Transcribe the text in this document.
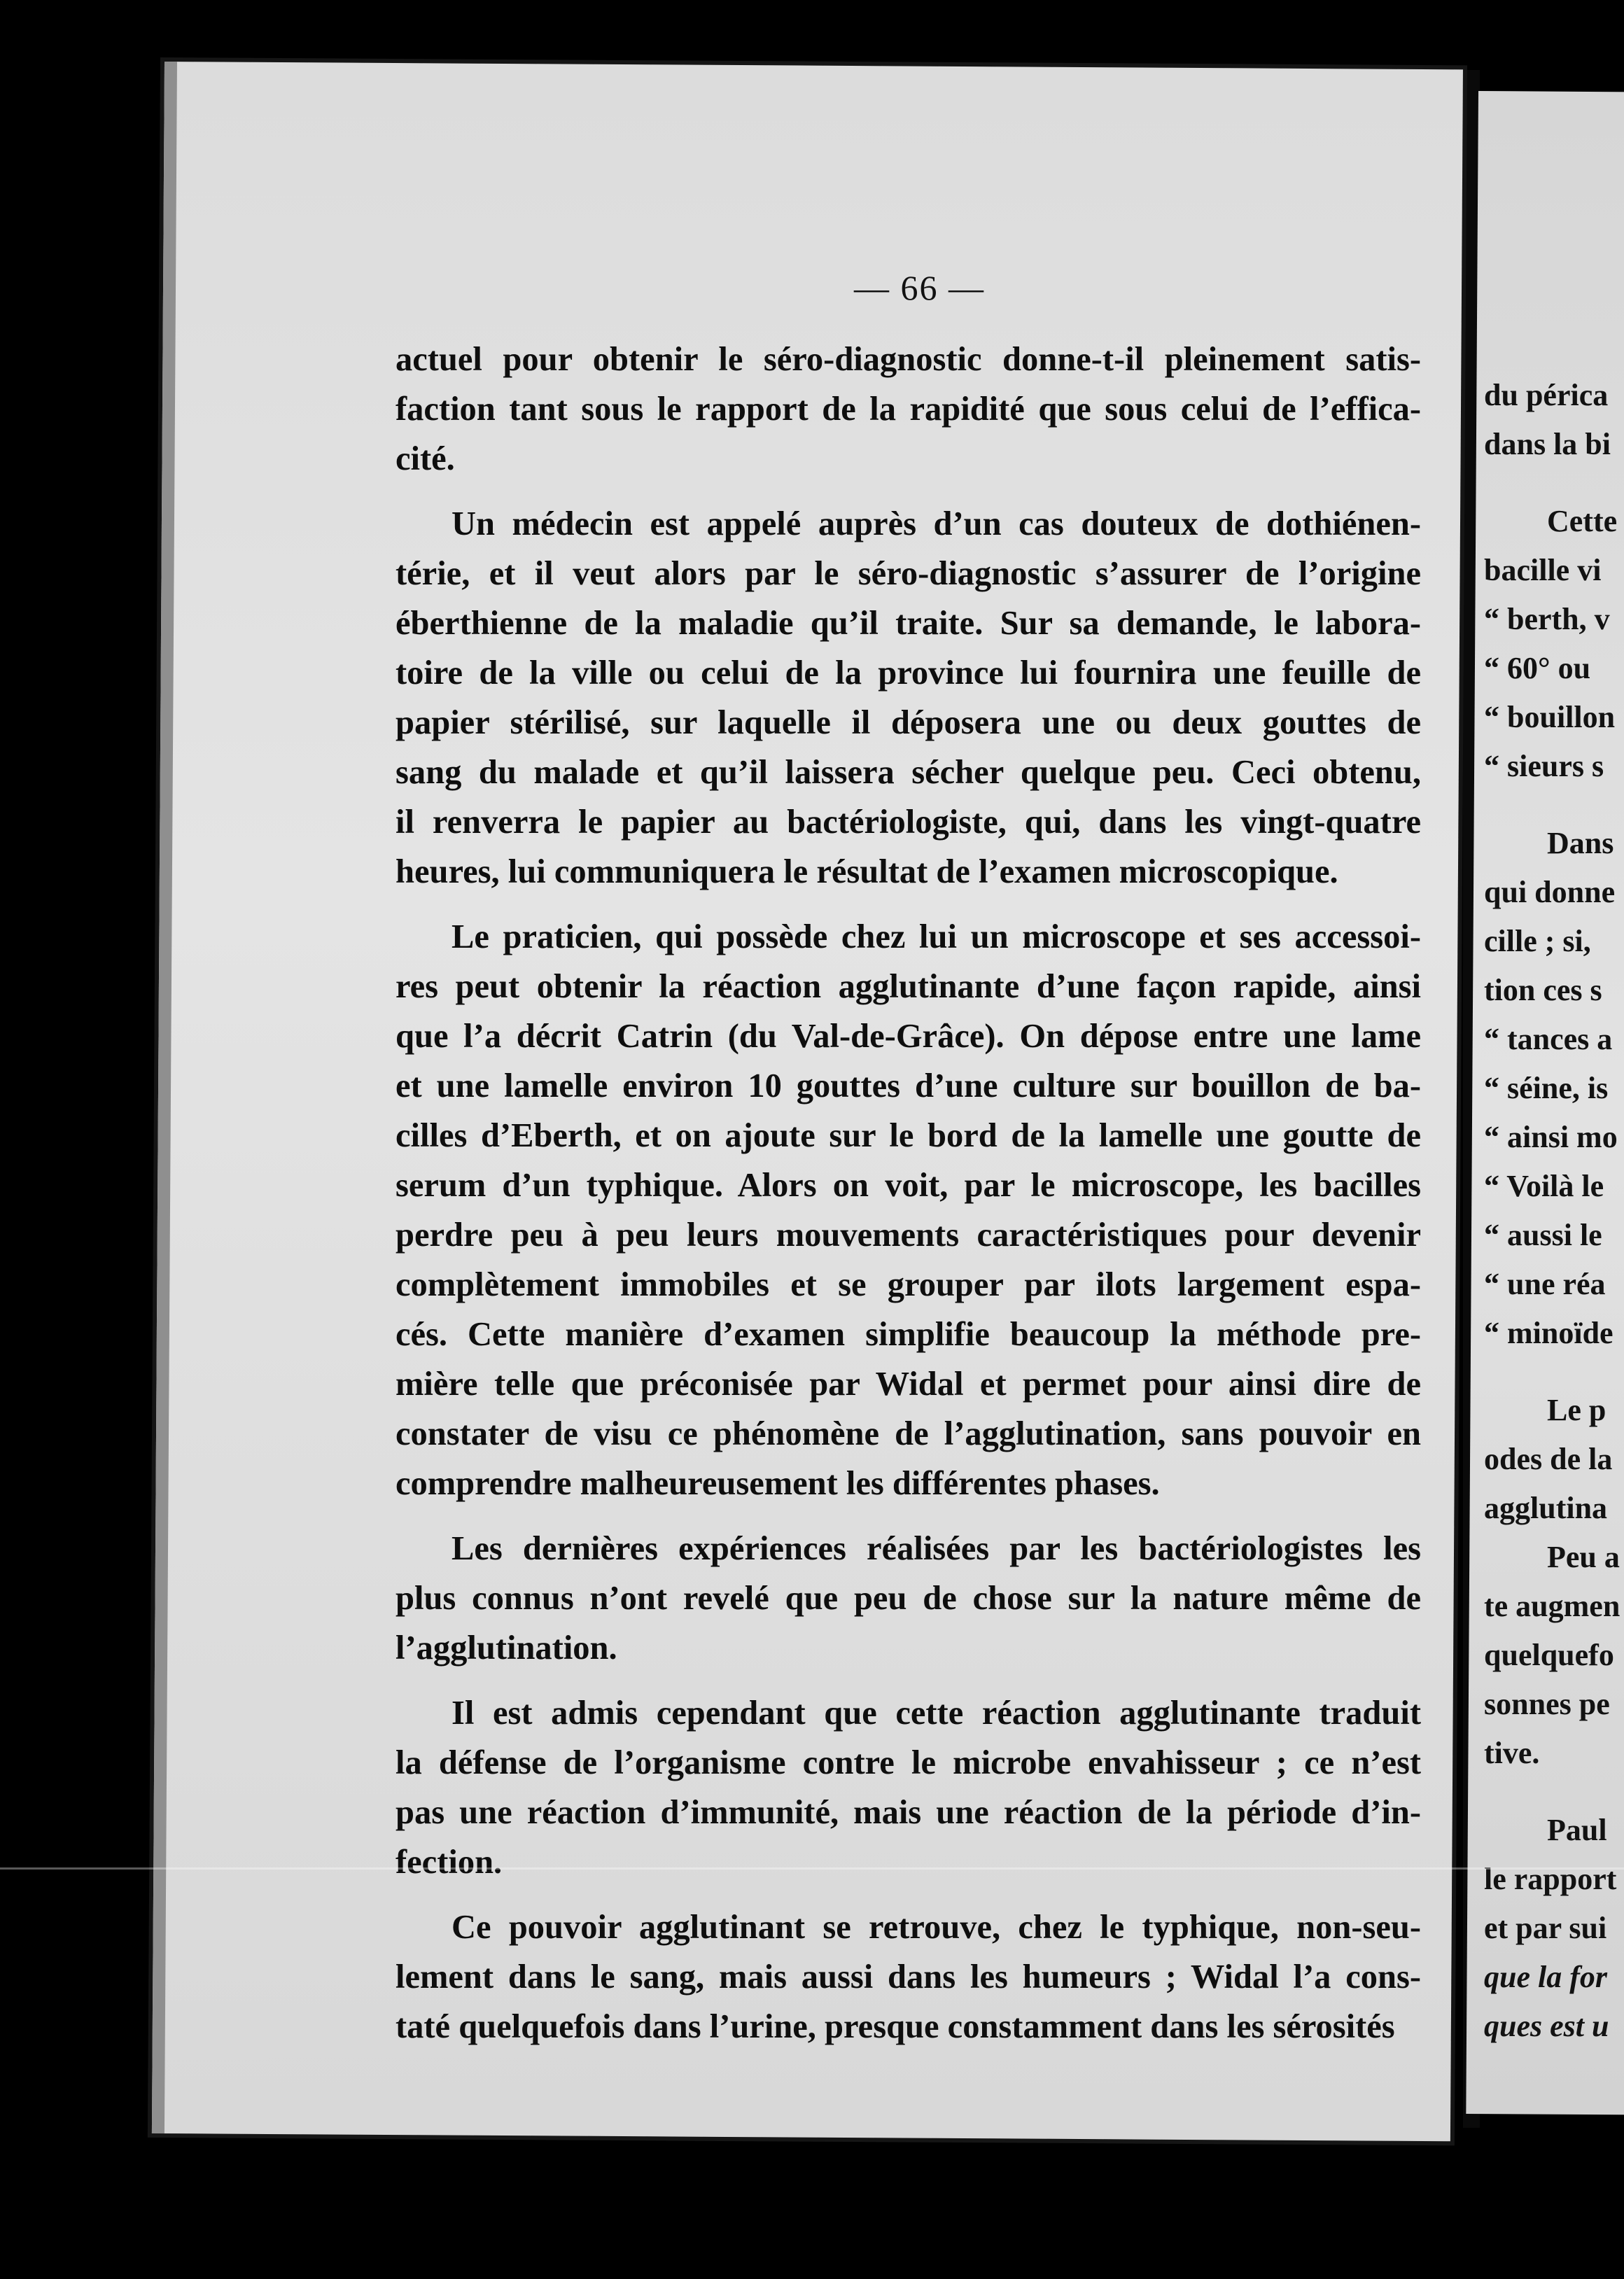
— 66 —
actuel pour obtenir le séro-diagnostic donne-t-il pleinement satis-
faction tant sous le rapport de la rapidité que sous celui de l’effica-
cité.
Un médecin est appelé auprès d’un cas douteux de dothiénen-
térie, et il veut alors par le séro-diagnostic s’assurer de l’origine
éberthienne de la maladie qu’il traite. Sur sa demande, le labora-
toire de la ville ou celui de la province lui fournira une feuille de
papier stérilisé, sur laquelle il déposera une ou deux gouttes de
sang du malade et qu’il laissera sécher quelque peu. Ceci obtenu,
il renverra le papier au bactériologiste, qui, dans les vingt-quatre
heures, lui communiquera le résultat de l’examen microscopique.
Le praticien, qui possède chez lui un microscope et ses accessoi-
res peut obtenir la réaction agglutinante d’une façon rapide, ainsi
que l’a décrit Catrin (du Val-de-Grâce). On dépose entre une lame
et une lamelle environ 10 gouttes d’une culture sur bouillon de ba-
cilles d’Eberth, et on ajoute sur le bord de la lamelle une goutte de
serum d’un typhique. Alors on voit, par le microscope, les bacilles
perdre peu à peu leurs mouvements caractéristiques pour devenir
complètement immobiles et se grouper par ilots largement espa-
cés. Cette manière d’examen simplifie beaucoup la méthode pre-
mière telle que préconisée par Widal et permet pour ainsi dire de
constater de visu ce phénomène de l’agglutination, sans pouvoir en
comprendre malheureusement les différentes phases.
Les dernières expériences réalisées par les bactériologistes les
plus connus n’ont revelé que peu de chose sur la nature même de
l’agglutination.
Il est admis cependant que cette réaction agglutinante traduit
la défense de l’organisme contre le microbe envahisseur ; ce n’est
pas une réaction d’immunité, mais une réaction de la période d’in-
fection.
Ce pouvoir agglutinant se retrouve, chez le typhique, non-seu-
lement dans le sang, mais aussi dans les humeurs ; Widal l’a cons-
taté quelquefois dans l’urine, presque constamment dans les sérosités
du périca
dans la bi
Cette
bacille vi
“ berth, v
“ 60° ou
“ bouillon
“ sieurs s
Dans
qui donne
cille ; si,
tion ces s
“ tances a
“ séine, is
“ ainsi mo
“ Voilà le
“ aussi le
“ une réa
“ minoïde
Le p
odes de la
agglutina
Peu a
te augmen
quelquefo
sonnes pe
tive.
Paul
le rapport
et par sui
que la for
ques est u
